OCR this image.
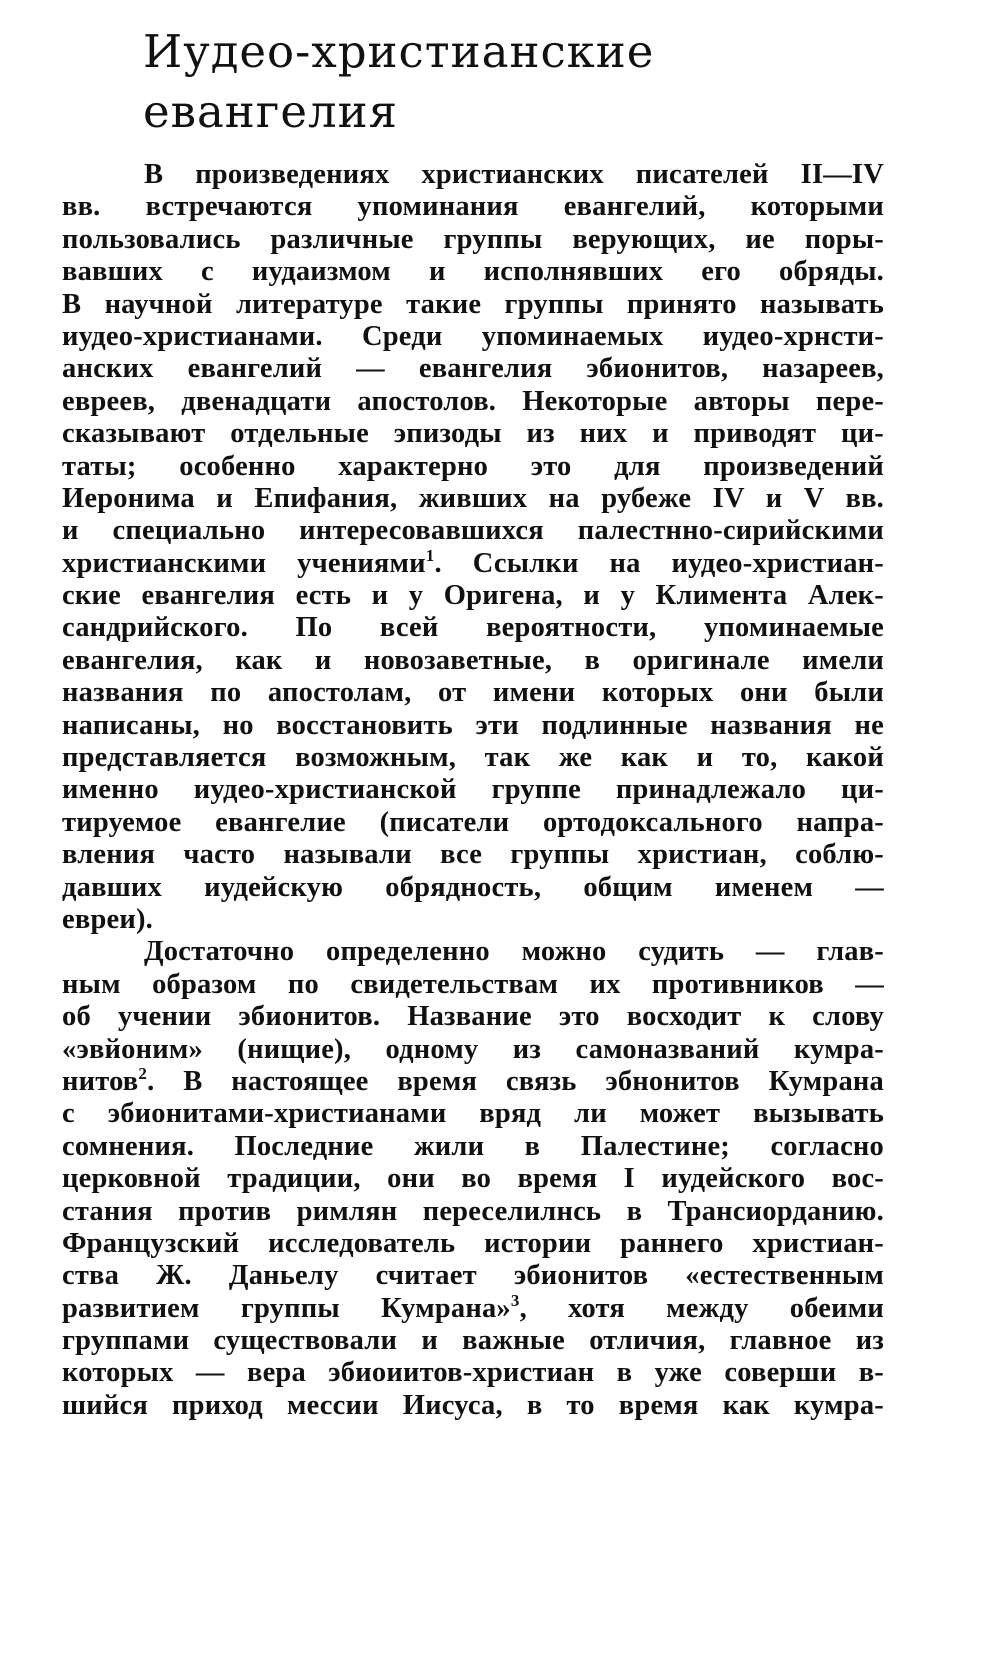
Иудео-христианские
евангелия
В произведениях христианских писателей II—IV
вв. встречаются упоминания евангелий, которыми
пользовались различные группы верующих, ие поры-
вавших с иудаизмом и исполнявших его обряды.
В научной литературе такие группы принято называть
иудео-христианами. Среди упоминаемых иудео-хрнсти-
анских евангелий — евангелия эбионитов, назареев,
евреев, двенадцати апостолов. Некоторые авторы пере-
сказывают отдельные эпизоды из них и приводят ци-
таты; особенно характерно это для произведений
Иеронима и Епифания, живших на рубеже IV и V вв.
и специально интересовавшихся палестнно-сирийскими
христианскими учениями$^1$. Ссылки на иудео-христиан-
ские евангелия есть и у Оригена, и у Климента Алек-
сандрийского. По всей вероятности, упоминаемые
евангелия, как и новозаветные, в оригинале имели
названия по апостолам, от имени которых они были
написаны, но восстановить эти подлинные названия не
представляется возможным, так же как и то, какой
именно иудео-христианской группе принадлежало ци-
тируемое евангелие (писатели ортодоксального напра-
вления часто называли все группы христиан, соблю-
давших иудейскую обрядность, общим именем —
евреи).
Достаточно определенно можно судить — глав-
ным образом по свидетельствам их противников —
об учении эбионитов. Название это восходит к слову
«эвйоним» (нищие), одному из самоназваний кумра-
нитов$^2$. В настоящее время связь эбнонитов Кумрана
с эбионитами-христианами вряд ли может вызывать
сомнения. Последние жили в Палестине; согласно
церковной традиции, они во время I иудейского вос-
стания против римлян переселилнсь в Трансиорданию.
Французский исследователь истории раннего христиан-
ства Ж. Даньелу считает эбионитов «естественным
развитием группы Кумрана»$^3$, хотя между обеими
группами существовали и важные отличия, главное из
которых — вера эбиоиитов-христиан в уже соверши в-
шийся приход мессии Иисуса, в то время как кумра-
